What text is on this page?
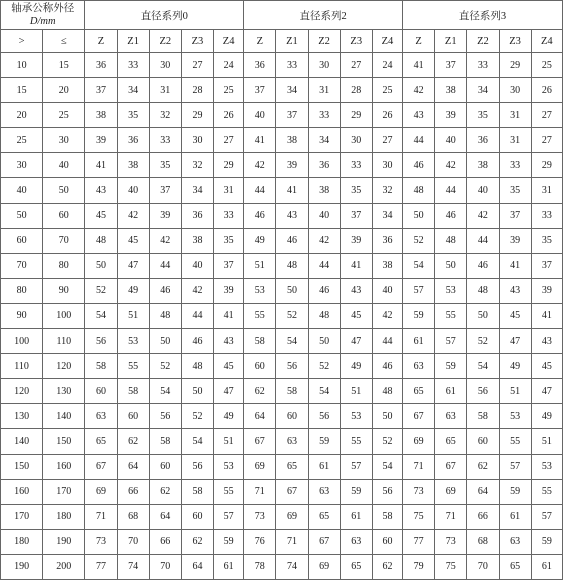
轴承公称外径
D/mm		直径系列0					直径系列2					直径系列3				
>	≤	Z	Z1	Z2	Z3	Z4	Z	Z1	Z2	Z3	Z4	Z	Z1	Z2	Z3	Z4
10	15	36	33	30	27	24	36	33	30	27	24	41	37	33	29	25
15	20	37	34	31	28	25	37	34	31	28	25	42	38	34	30	26
20	25	38	35	32	29	26	40	37	33	29	26	43	39	35	31	27
25	30	39	36	33	30	27	41	38	34	30	27	44	40	36	31	27
30	40	41	38	35	32	29	42	39	36	33	30	46	42	38	33	29
40	50	43	40	37	34	31	44	41	38	35	32	48	44	40	35	31
50	60	45	42	39	36	33	46	43	40	37	34	50	46	42	37	33
60	70	48	45	42	38	35	49	46	42	39	36	52	48	44	39	35
70	80	50	47	44	40	37	51	48	44	41	38	54	50	46	41	37
80	90	52	49	46	42	39	53	50	46	43	40	57	53	48	43	39
90	100	54	51	48	44	41	55	52	48	45	42	59	55	50	45	41
100	110	56	53	50	46	43	58	54	50	47	44	61	57	52	47	43
110	120	58	55	52	48	45	60	56	52	49	46	63	59	54	49	45
120	130	60	58	54	50	47	62	58	54	51	48	65	61	56	51	47
130	140	63	60	56	52	49	64	60	56	53	50	67	63	58	53	49
140	150	65	62	58	54	51	67	63	59	55	52	69	65	60	55	51
150	160	67	64	60	56	53	69	65	61	57	54	71	67	62	57	53
160	170	69	66	62	58	55	71	67	63	59	56	73	69	64	59	55
170	180	71	68	64	60	57	73	69	65	61	58	75	71	66	61	57
180	190	73	70	66	62	59	76	71	67	63	60	77	73	68	63	59
190	200	77	74	70	64	61	78	74	69	65	62	79	75	70	65	61
